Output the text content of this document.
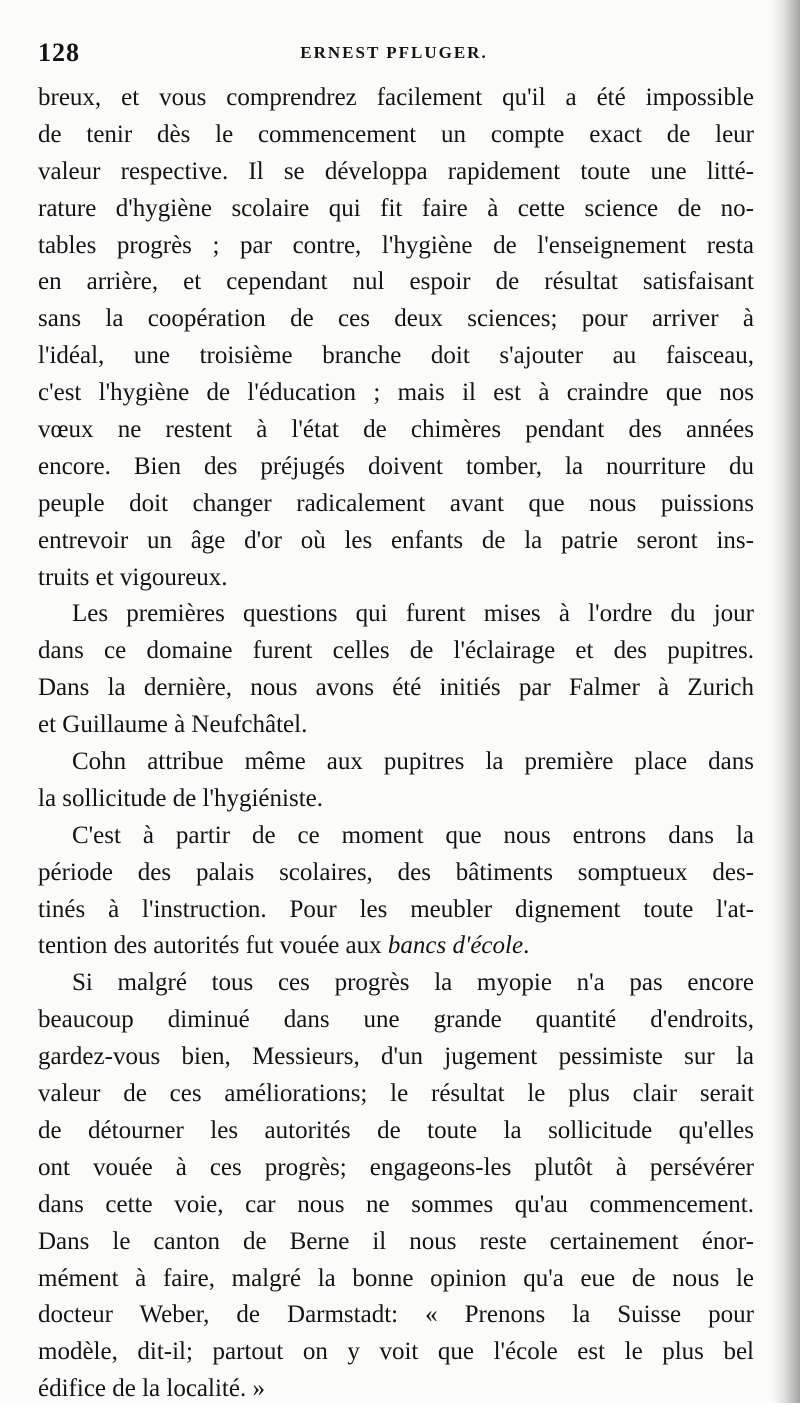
128	ERNEST PFLUGER.
breux, et vous comprendrez facilement qu'il a été impossible
de tenir dès le commencement un compte exact de leur
valeur respective. Il se développa rapidement toute une litté-
rature d'hygiène scolaire qui fit faire à cette science de no-
tables progrès ; par contre, l'hygiène de l'enseignement resta
en arrière, et cependant nul espoir de résultat satisfaisant
sans la coopération de ces deux sciences; pour arriver à
l'idéal, une troisième branche doit s'ajouter au faisceau,
c'est l'hygiène de l'éducation ; mais il est à craindre que nos
vœux ne restent à l'état de chimères pendant des années
encore. Bien des préjugés doivent tomber, la nourriture du
peuple doit changer radicalement avant que nous puissions
entrevoir un âge d'or où les enfants de la patrie seront ins-
truits et vigoureux.
Les premières questions qui furent mises à l'ordre du jour
dans ce domaine furent celles de l'éclairage et des pupitres.
Dans la dernière, nous avons été initiés par Falmer à Zurich
et Guillaume à Neufchâtel.
Cohn attribue même aux pupitres la première place dans
la sollicitude de l'hygiéniste.
C'est à partir de ce moment que nous entrons dans la
période des palais scolaires, des bâtiments somptueux des-
tinés à l'instruction. Pour les meubler dignement toute l'at-
tention des autorités fut vouée aux bancs d'école.
Si malgré tous ces progrès la myopie n'a pas encore
beaucoup diminué dans une grande quantité d'endroits,
gardez-vous bien, Messieurs, d'un jugement pessimiste sur la
valeur de ces améliorations; le résultat le plus clair serait
de détourner les autorités de toute la sollicitude qu'elles
ont vouée à ces progrès; engageons-les plutôt à persévérer
dans cette voie, car nous ne sommes qu'au commencement.
Dans le canton de Berne il nous reste certainement énor-
mément à faire, malgré la bonne opinion qu'a eue de nous le
docteur Weber, de Darmstadt: « Prenons la Suisse pour
modèle, dit-il; partout on y voit que l'école est le plus bel
édifice de la localité. »
